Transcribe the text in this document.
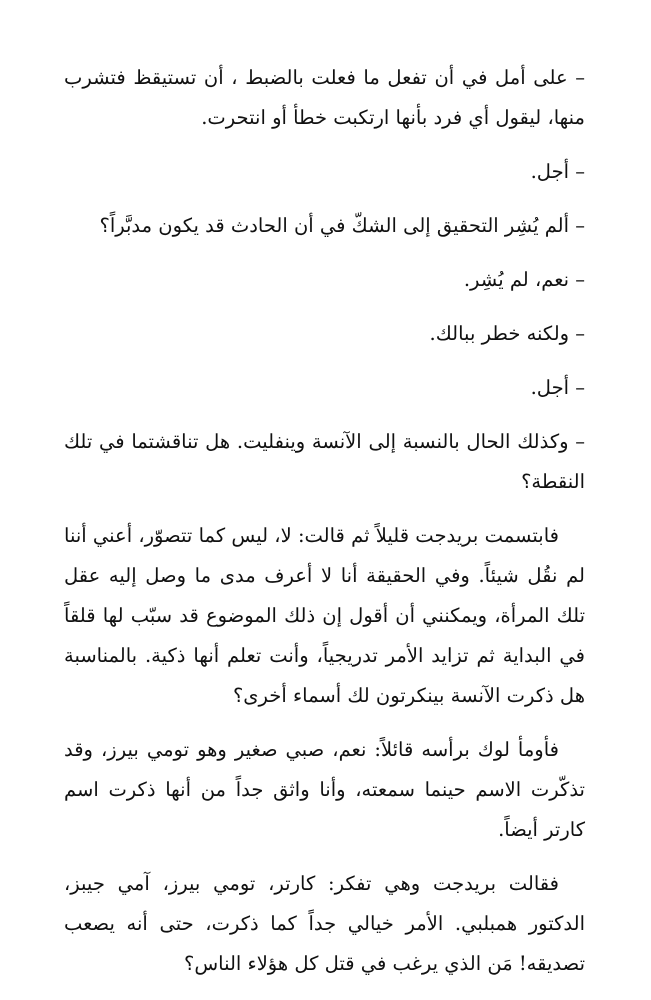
– على أمل في أن تفعل ما فعلت بالضبط ، أن تستيقظ فتشرب منها، ليقول أي فرد بأنها ارتكبت خطأ أو انتحرت.

– أجل.

– ألم يُشِر التحقيق إلى الشكّ في أن الحادث قد يكون مدبَّراً؟

– نعم، لم يُشِر.

– ولكنه خطر ببالك.

– أجل.

– وكذلك الحال بالنسبة إلى الآنسة وينفليت. هل تناقشتما في تلك النقطة؟

فابتسمت بريدجت قليلاً ثم قالت: لا، ليس كما تتصوّر، أعني أننا لم نقُل شيئاً. وفي الحقيقة أنا لا أعرف مدى ما وصل إليه عقل تلك المرأة، ويمكنني أن أقول إن ذلك الموضوع قد سبّب لها قلقاً في البداية ثم تزايد الأمر تدريجياً، وأنت تعلم أنها ذكية. بالمناسبة هل ذكرت الآنسة بينكرتون لك أسماء أخرى؟

فأومأ لوك برأسه قائلاً: نعم، صبي صغير وهو تومي بيرز، وقد تذكّرت الاسم حينما سمعته، وأنا واثق جداً من أنها ذكرت اسم كارتر أيضاً.

فقالت بريدجت وهي تفكر: كارتر، تومي بيرز، آمي جيبز، الدكتور همبلبي. الأمر خيالي جداً كما ذكرت، حتى أنه يصعب تصديقه! مَن الذي يرغب في قتل كل هؤلاء الناس؟
